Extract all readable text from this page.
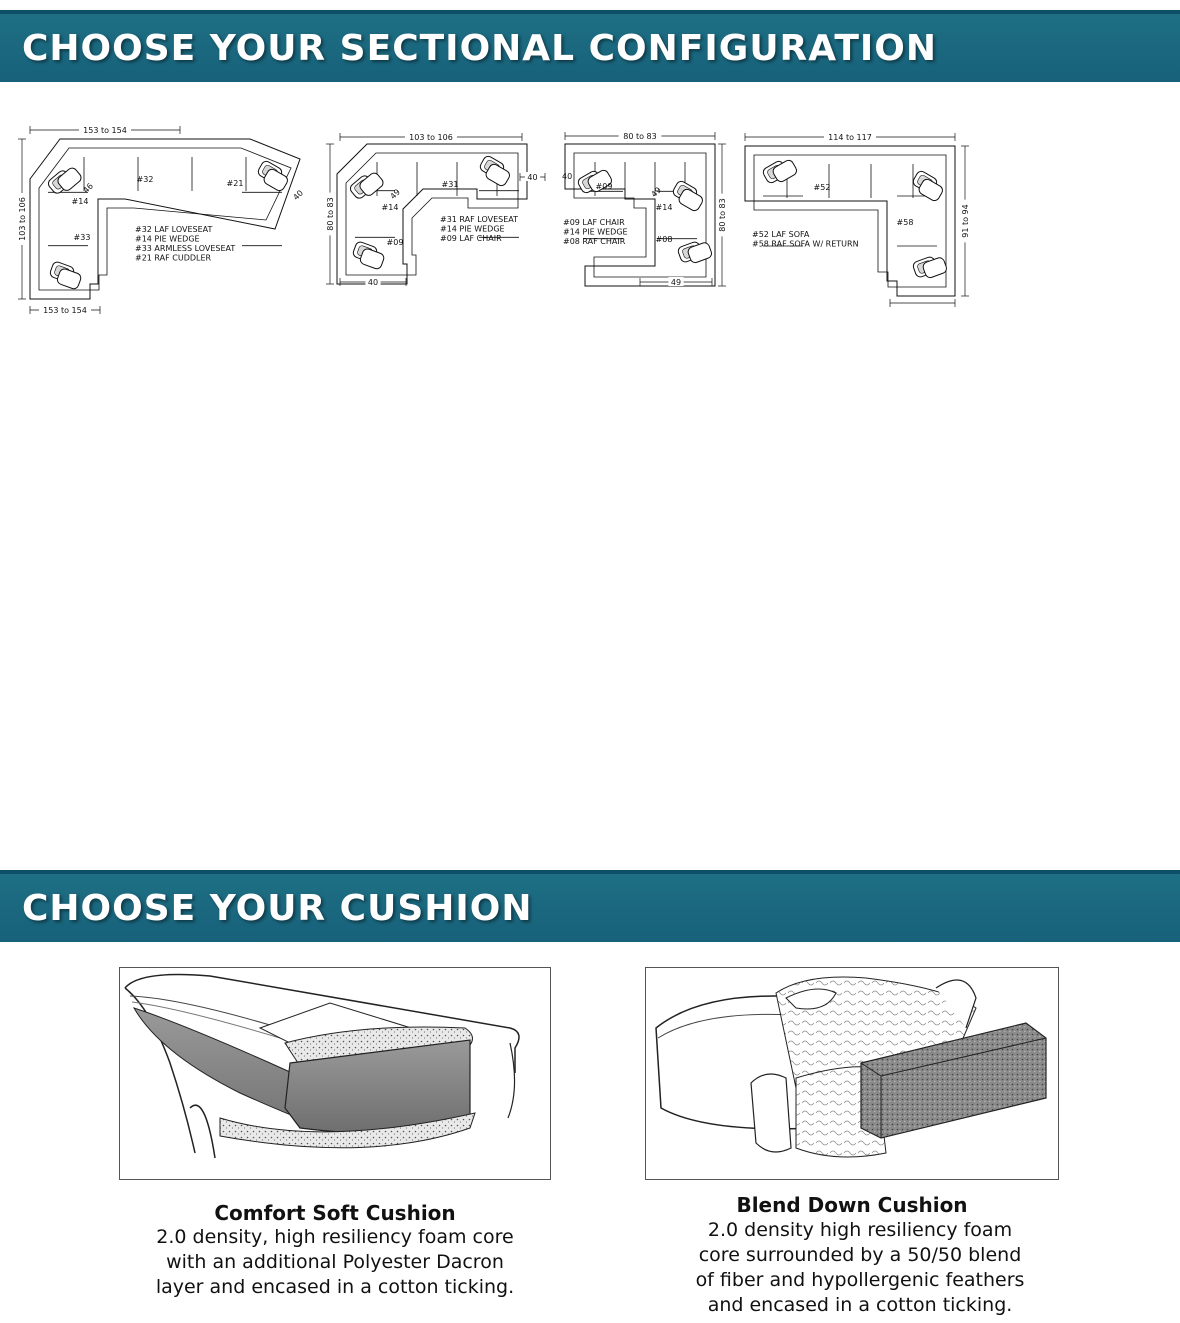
CHOOSE YOUR SECTIONAL CONFIGURATION
#32
#14
#33
#21
#32 LAF LOVESEAT
#14 PIE WEDGE
#33 ARMLESS LOVESEAT
#21 RAF CUDDLER
153 to 154
103 to 106
153 to 154
40
46	#31
#14
#09
#31 RAF LOVESEAT
#14 PIE WEDGE
#09 LAF CHAIR
103 to 106
80 to 83
40
40
49
#09
#14
#08
#09 LAF CHAIR
#14 PIE WEDGE
#08 RAF CHAIR
80 to 83
80 to 83
40
49
49	#52
#58
#52 LAF SOFA
#58 RAF SOFA W/ RETURN
114 to 117
91 to 94
CHOOSE YOUR CUSHION
Comfort Soft Cushion
2.0 density, high resiliency foam core
with an additional Polyester Dacron
layer and encased in a cotton ticking.
Blend Down Cushion
2.0 density high resiliency foam
core surrounded by a 50/50 blend
of fiber and hypollergenic feathers
and encased in a cotton ticking.
